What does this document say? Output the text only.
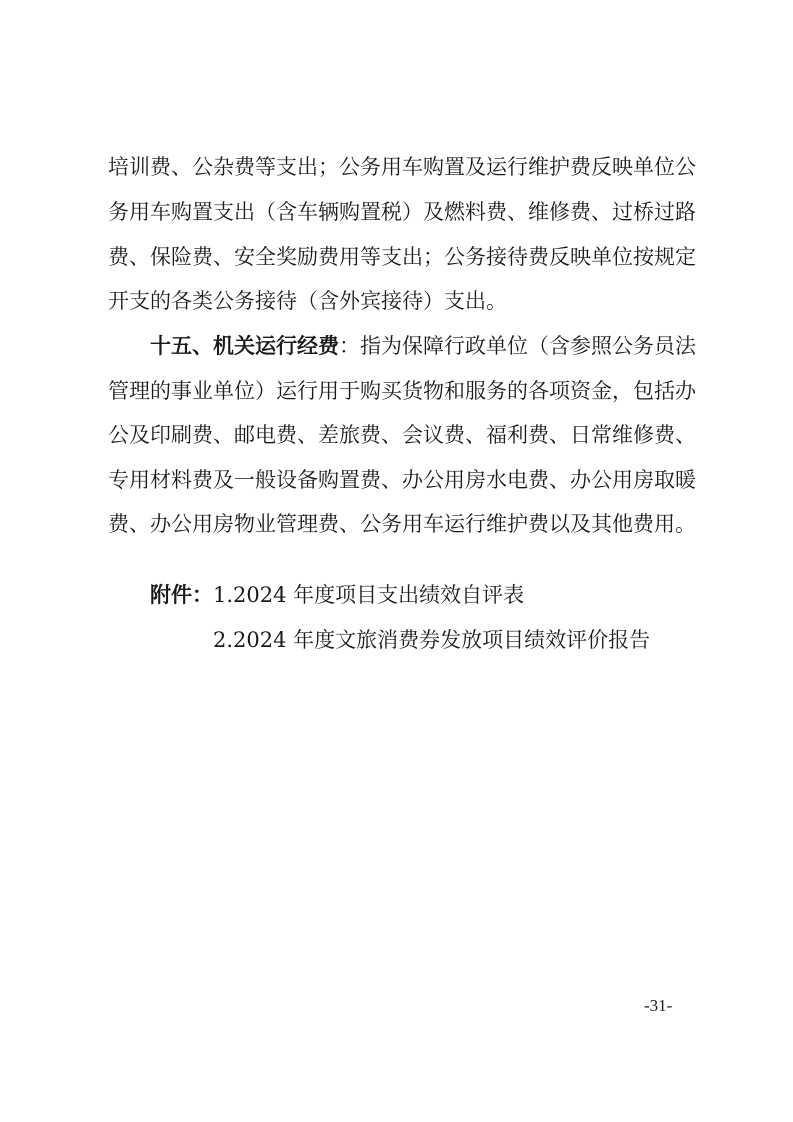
培训费、公杂费等支出；公务用车购置及运行维护费反映单位公
务用车购置支出（含车辆购置税）及燃料费、维修费、过桥过路
费、保险费、安全奖励费用等支出；公务接待费反映单位按规定
开支的各类公务接待（含外宾接待）支出。
十五、机关运行经费：指为保障行政单位（含参照公务员法
管理的事业单位）运行用于购买货物和服务的各项资金，包括办
公及印刷费、邮电费、差旅费、会议费、福利费、日常维修费、
专用材料费及一般设备购置费、办公用房水电费、办公用房取暖
费、办公用房物业管理费、公务用车运行维护费以及其他费用。
附件：1.2024 年度项目支出绩效自评表
2.2024 年度文旅消费券发放项目绩效评价报告
-31-
